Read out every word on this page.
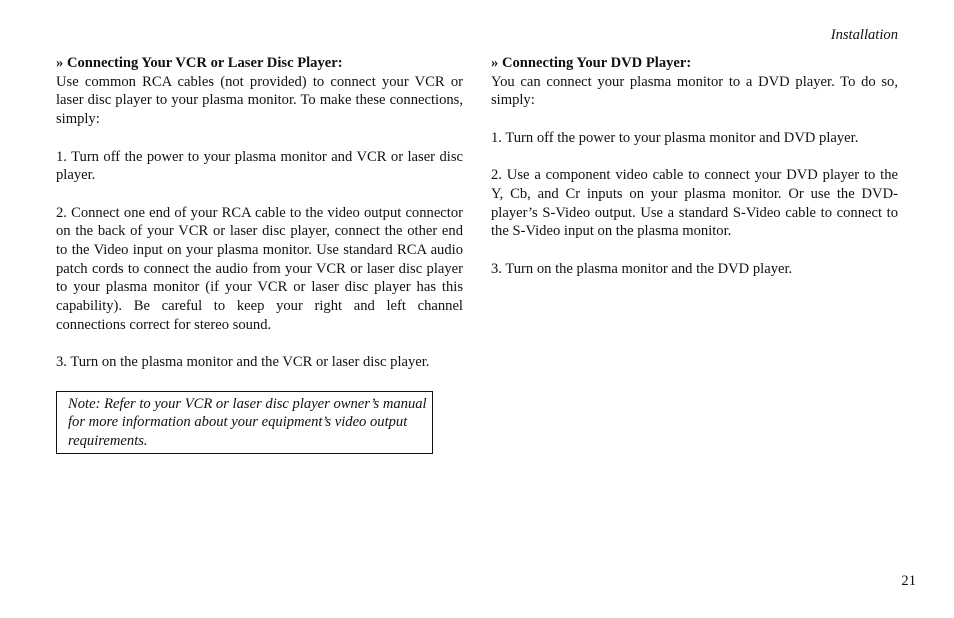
Installation

» Connecting Your VCR or Laser Disc Player:

Use common RCA cables (not provided) to connect your VCR or laser disc player to your plasma monitor. To make these connections, simply:

1. Turn off the power to your plasma monitor and VCR or laser disc player.

2. Connect one end of your RCA cable to the video output connector on the back of your VCR or laser disc player, connect the other end to the Video input on your plasma monitor. Use standard RCA audio patch cords to connect the audio from your VCR or laser disc player to your plasma monitor (if your VCR or laser disc player has this capability). Be careful to keep your right and left channel connections correct for stereo sound.

3. Turn on the plasma monitor and the VCR or laser disc player.

Note: Refer to your VCR or laser disc player owner’s manual for more information about your equipment’s video output requirements.

» Connecting Your DVD Player:

You can connect your plasma monitor to a DVD player. To do so, simply:

1. Turn off the power to your plasma monitor and DVD player.

2. Use a component video cable to connect your DVD player to the Y, Cb, and Cr inputs on your plasma monitor. Or use the DVD-player’s S-Video output. Use a standard S-Video cable to connect to the S-Video input on the plasma monitor.

3. Turn on the plasma monitor and the DVD player.

21
